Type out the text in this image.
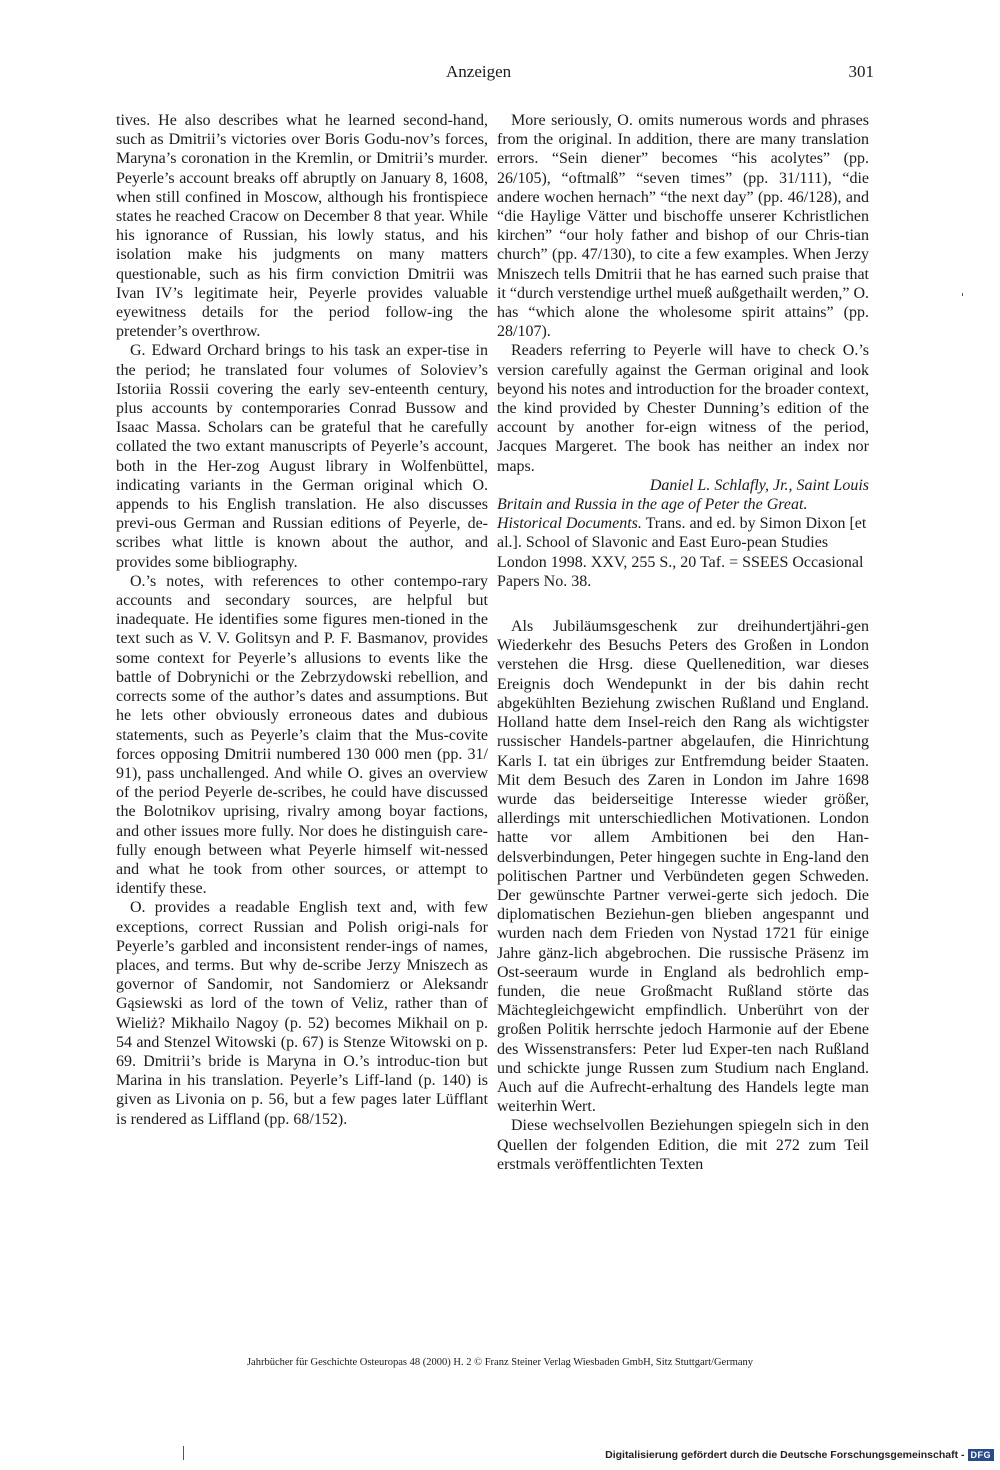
Anzeigen	301

tives. He also describes what he learned second-hand, such as Dmitrii’s victories over Boris Godu-nov’s forces, Maryna’s coronation in the Kremlin, or Dmitrii’s murder. Peyerle’s account breaks off abruptly on January 8, 1608, when still confined in Moscow, although his frontispiece states he reached Cracow on December 8 that year. While his ignorance of Russian, his lowly status, and his isolation make his judgments on many matters questionable, such as his firm conviction Dmitrii was Ivan IV’s legitimate heir, Peyerle provides valuable eyewitness details for the period follow-ing the pretender’s overthrow.

G. Edward Orchard brings to his task an exper-tise in the period; he translated four volumes of Soloviev’s Istoriia Rossii covering the early sev-enteenth century, plus accounts by contemporaries Conrad Bussow and Isaac Massa. Scholars can be grateful that he carefully collated the two extant manuscripts of Peyerle’s account, both in the Her-zog August library in Wolfenbüttel, indicating variants in the German original which O. appends to his English translation. He also discusses previ-ous German and Russian editions of Peyerle, de-scribes what little is known about the author, and provides some bibliography.

O.’s notes, with references to other contempo-rary accounts and secondary sources, are helpful but inadequate. He identifies some figures men-tioned in the text such as V. V. Golitsyn and P. F. Basmanov, provides some context for Peyerle’s allusions to events like the battle of Dobrynichi or the Zebrzydowski rebellion, and corrects some of the author’s dates and assumptions. But he lets other obviously erroneous dates and dubious statements, such as Peyerle’s claim that the Mus-covite forces opposing Dmitrii numbered 130 000 men (pp. 31/ 91), pass unchallenged. And while O. gives an overview of the period Peyerle de-scribes, he could have discussed the Bolotnikov uprising, rivalry among boyar factions, and other issues more fully. Nor does he distinguish care-fully enough between what Peyerle himself wit-nessed and what he took from other sources, or attempt to identify these.

O. provides a readable English text and, with few exceptions, correct Russian and Polish origi-nals for Peyerle’s garbled and inconsistent render-ings of names, places, and terms. But why de-scribe Jerzy Mniszech as governor of Sandomir, not Sandomierz or Aleksandr Gąsiewski as lord of the town of Veliz, rather than of Wieliż? Mikhailo Nagoy (p. 52) becomes Mikhail on p. 54 and Stenzel Witowski (p. 67) is Stenze Witowski on p. 69. Dmitrii’s bride is Maryna in O.’s introduc-tion but Marina in his translation. Peyerle’s Liff-land (p. 140) is given as Livonia on p. 56, but a few pages later Lüfflant is rendered as Liffland (pp. 68/152).

More seriously, O. omits numerous words and phrases from the original. In addition, there are many translation errors. “Sein diener” becomes “his acolytes” (pp. 26/105), “oftmalß” “seven times” (pp. 31/111), “die andere wochen hernach” “the next day” (pp. 46/128), and “die Haylige Vätter und bischoffe unserer Kchristlichen kirchen” “our holy father and bishop of our Chris-tian church” (pp. 47/130), to cite a few examples. When Jerzy Mniszech tells Dmitrii that he has earned such praise that it “durch verstendige urthel mueß außgethailt werden,” O. has “which alone the wholesome spirit attains” (pp. 28/107).

Readers referring to Peyerle will have to check O.’s version carefully against the German original and look beyond his notes and introduction for the broader context, the kind provided by Chester Dunning’s edition of the account by another for-eign witness of the period, Jacques Margeret. The book has neither an index nor maps.

Daniel L. Schlafly, Jr., Saint Louis

Britain and Russia in the age of Peter the Great. Historical Documents. Trans. and ed. by Simon Dixon [et al.]. School of Slavonic and East Euro-pean Studies London 1998. XXV, 255 S., 20 Taf. = SSEES Occasional Papers No. 38.

Als Jubiläumsgeschenk zur dreihundertjähri-gen Wiederkehr des Besuchs Peters des Großen in London verstehen die Hrsg. diese Quellenedition, war dieses Ereignis doch Wendepunkt in der bis dahin recht abgekühlten Beziehung zwischen Rußland und England. Holland hatte dem Insel-reich den Rang als wichtigster russischer Handels-partner abgelaufen, die Hinrichtung Karls I. tat ein übriges zur Entfremdung beider Staaten. Mit dem Besuch des Zaren in London im Jahre 1698 wurde das beiderseitige Interesse wieder größer, allerdings mit unterschiedlichen Motivationen. London hatte vor allem Ambitionen bei den Han-delsverbindungen, Peter hingegen suchte in Eng-land den politischen Partner und Verbündeten gegen Schweden. Der gewünschte Partner verwei-gerte sich jedoch. Die diplomatischen Beziehun-gen blieben angespannt und wurden nach dem Frieden von Nystad 1721 für einige Jahre gänz-lich abgebrochen. Die russische Präsenz im Ost-seeraum wurde in England als bedrohlich emp-funden, die neue Großmacht Rußland störte das Mächtegleichgewicht empfindlich. Unberührt von der großen Politik herrschte jedoch Harmonie auf der Ebene des Wissenstransfers: Peter lud Exper-ten nach Rußland und schickte junge Russen zum Studium nach England. Auch auf die Aufrecht-erhaltung des Handels legte man weiterhin Wert.

Diese wechselvollen Beziehungen spiegeln sich in den Quellen der folgenden Edition, die mit 272 zum Teil erstmals veröffentlichten Texten

Jahrbücher für Geschichte Osteuropas 48 (2000) H. 2 © Franz Steiner Verlag Wiesbaden GmbH, Sitz Stuttgart/Germany
Digitalisierung gefördert durch die Deutsche Forschungsgemeinschaft - DFG
